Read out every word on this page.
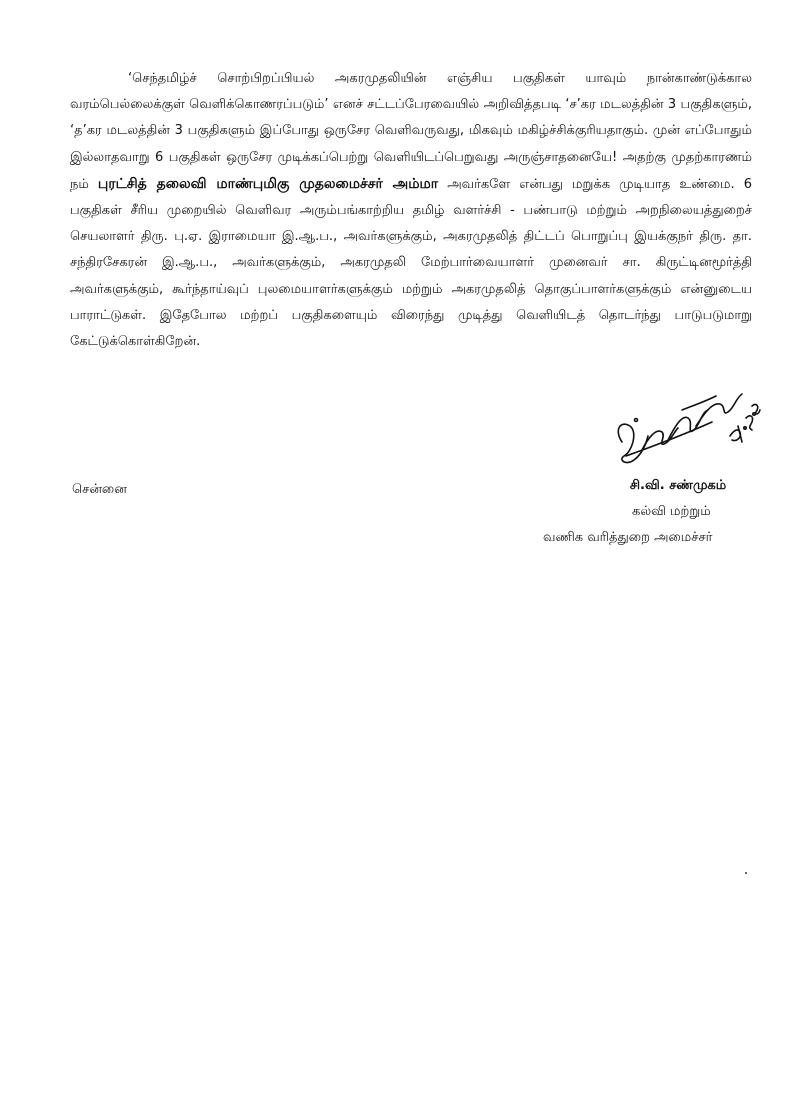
‘செந்தமிழ்ச் சொற்பிறப்பியல் அகரமுதலியின் எஞ்சிய பகுதிகள் யாவும் நான்காண்டுக்கால வரம்பெல்லைக்குள் வெளிக்கொணரப்படும்’ எனச் சட்டப்பேரவையில் அறிவித்தபடி ‘ச’கர மடலத்தின் 3 பகுதிகளும், ‘த’கர மடலத்தின் 3 பகுதிகளும் இப்போது ஒருசேர வெளிவருவது, மிகவும் மகிழ்ச்சிக்குரியதாகும். முன் எப்போதும் இல்லாதவாறு 6 பகுதிகள் ஒருசேர முடிக்கப்பெற்று வெளியிடப்பெறுவது அருஞ்சாதனையே! அதற்கு முதற்காரணம் நம் புரட்சித் தலைவி மாண்புமிகு முதலமைச்சர் அம்மா அவர்களே என்பது மறுக்க முடியாத உண்மை. 6 பகுதிகள் சீரிய முறையில் வெளிவர அரும்பங்காற்றிய தமிழ் வளர்ச்சி - பண்பாடு மற்றும் அறநிலையத்துறைச் செயலாளர் திரு. பு.ஏ. இராமையா இ.ஆ.ப., அவர்களுக்கும், அகரமுதலித் திட்டப் பொறுப்பு இயக்குநர் திரு. தா. சந்திரசேகரன் இ.ஆ.ப., அவர்களுக்கும், அகரமுதலி மேற்பார்வையாளர் முனைவர் சா. கிருட்டினமூர்த்தி அவர்களுக்கும், கூர்ந்தாய்வுப் புலமையாளர்களுக்கும் மற்றும் அகரமுதலித் தொகுப்பாளர்களுக்கும் என்னுடைய பாராட்டுகள். இதேபோல மற்றப் பகுதிகளையும் விரைந்து முடித்து வெளியிடத் தொடர்ந்து பாடுபடுமாறு கேட்டுக்கொள்கிறேன்.

சென்னை	சி.வி. சண்முகம்

கல்வி மற்றும்

வணிக வரித்துறை அமைச்சர்
